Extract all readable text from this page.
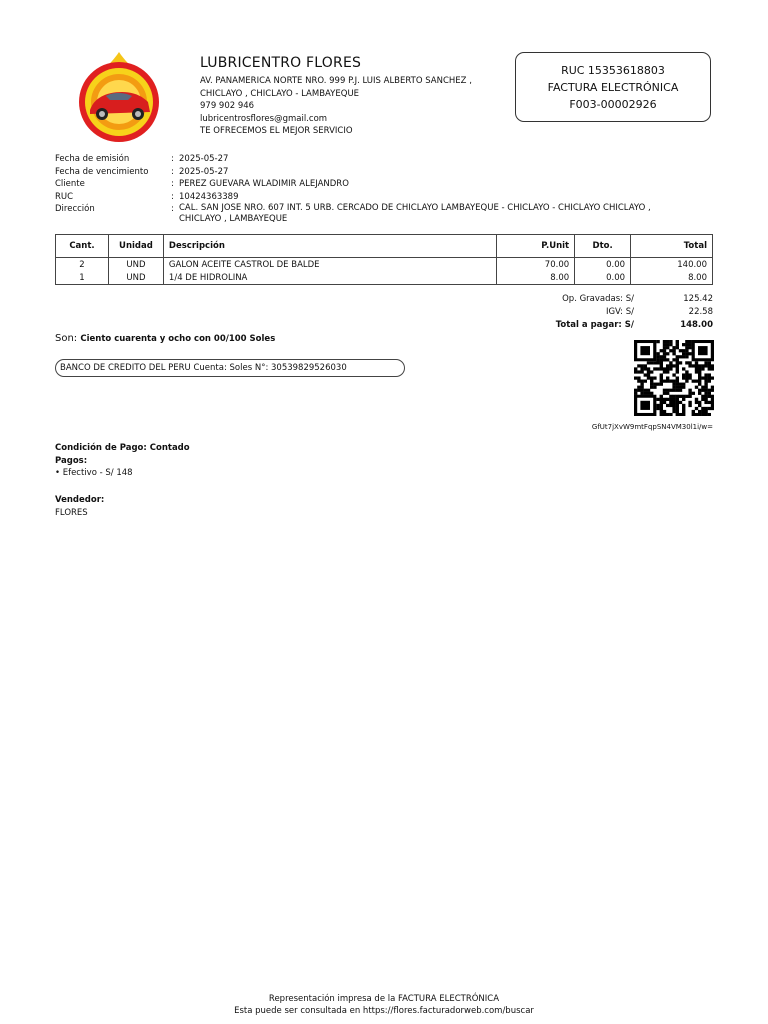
LUBRICENTRO FLORES
AV. PANAMERICA NORTE NRO. 999 P.J. LUIS ALBERTO SANCHEZ ,
CHICLAYO , CHICLAYO - LAMBAYEQUE
979 902 946
lubricentrosflores@gmail.com
TE OFRECEMOS EL MEJOR SERVICIO
RUC 15353618803
FACTURA ELECTRÓNICA
F003-00002926
Fecha de emisión	: 2025-05-27
Fecha de vencimiento	: 2025-05-27
Cliente	: PEREZ GUEVARA WLADIMIR ALEJANDRO
RUC	: 10424363389
Dirección	: CAL. SAN JOSE NRO. 607 INT. 5 URB. CERCADO DE CHICLAYO LAMBAYEQUE - CHICLAYO - CHICLAYO CHICLAYO ,
CHICLAYO , LAMBAYEQUE
Cant.	Unidad	Descripción	P.Unit	Dto.	Total
2	UND	GALON ACEITE CASTROL DE BALDE	70.00	0.00	140.00
1	UND	1/4 DE HIDROLINA	8.00	0.00	8.00
Op. Gravadas: S/	125.42
IGV: S/	22.58
Total a pagar: S/	148.00
Son: Ciento cuarenta y ocho con 00/100 Soles
BANCO DE CREDITO DEL PERU Cuenta: Soles N°: 30539829526030
GfUt7jXvW9mtFqpSN4VM30l1i/w=
Condición de Pago: Contado
Pagos:
• Efectivo - S/ 148
Vendedor:
FLORES
Representación impresa de la FACTURA ELECTRÓNICA
Esta puede ser consultada en https://flores.facturadorweb.com/buscar
